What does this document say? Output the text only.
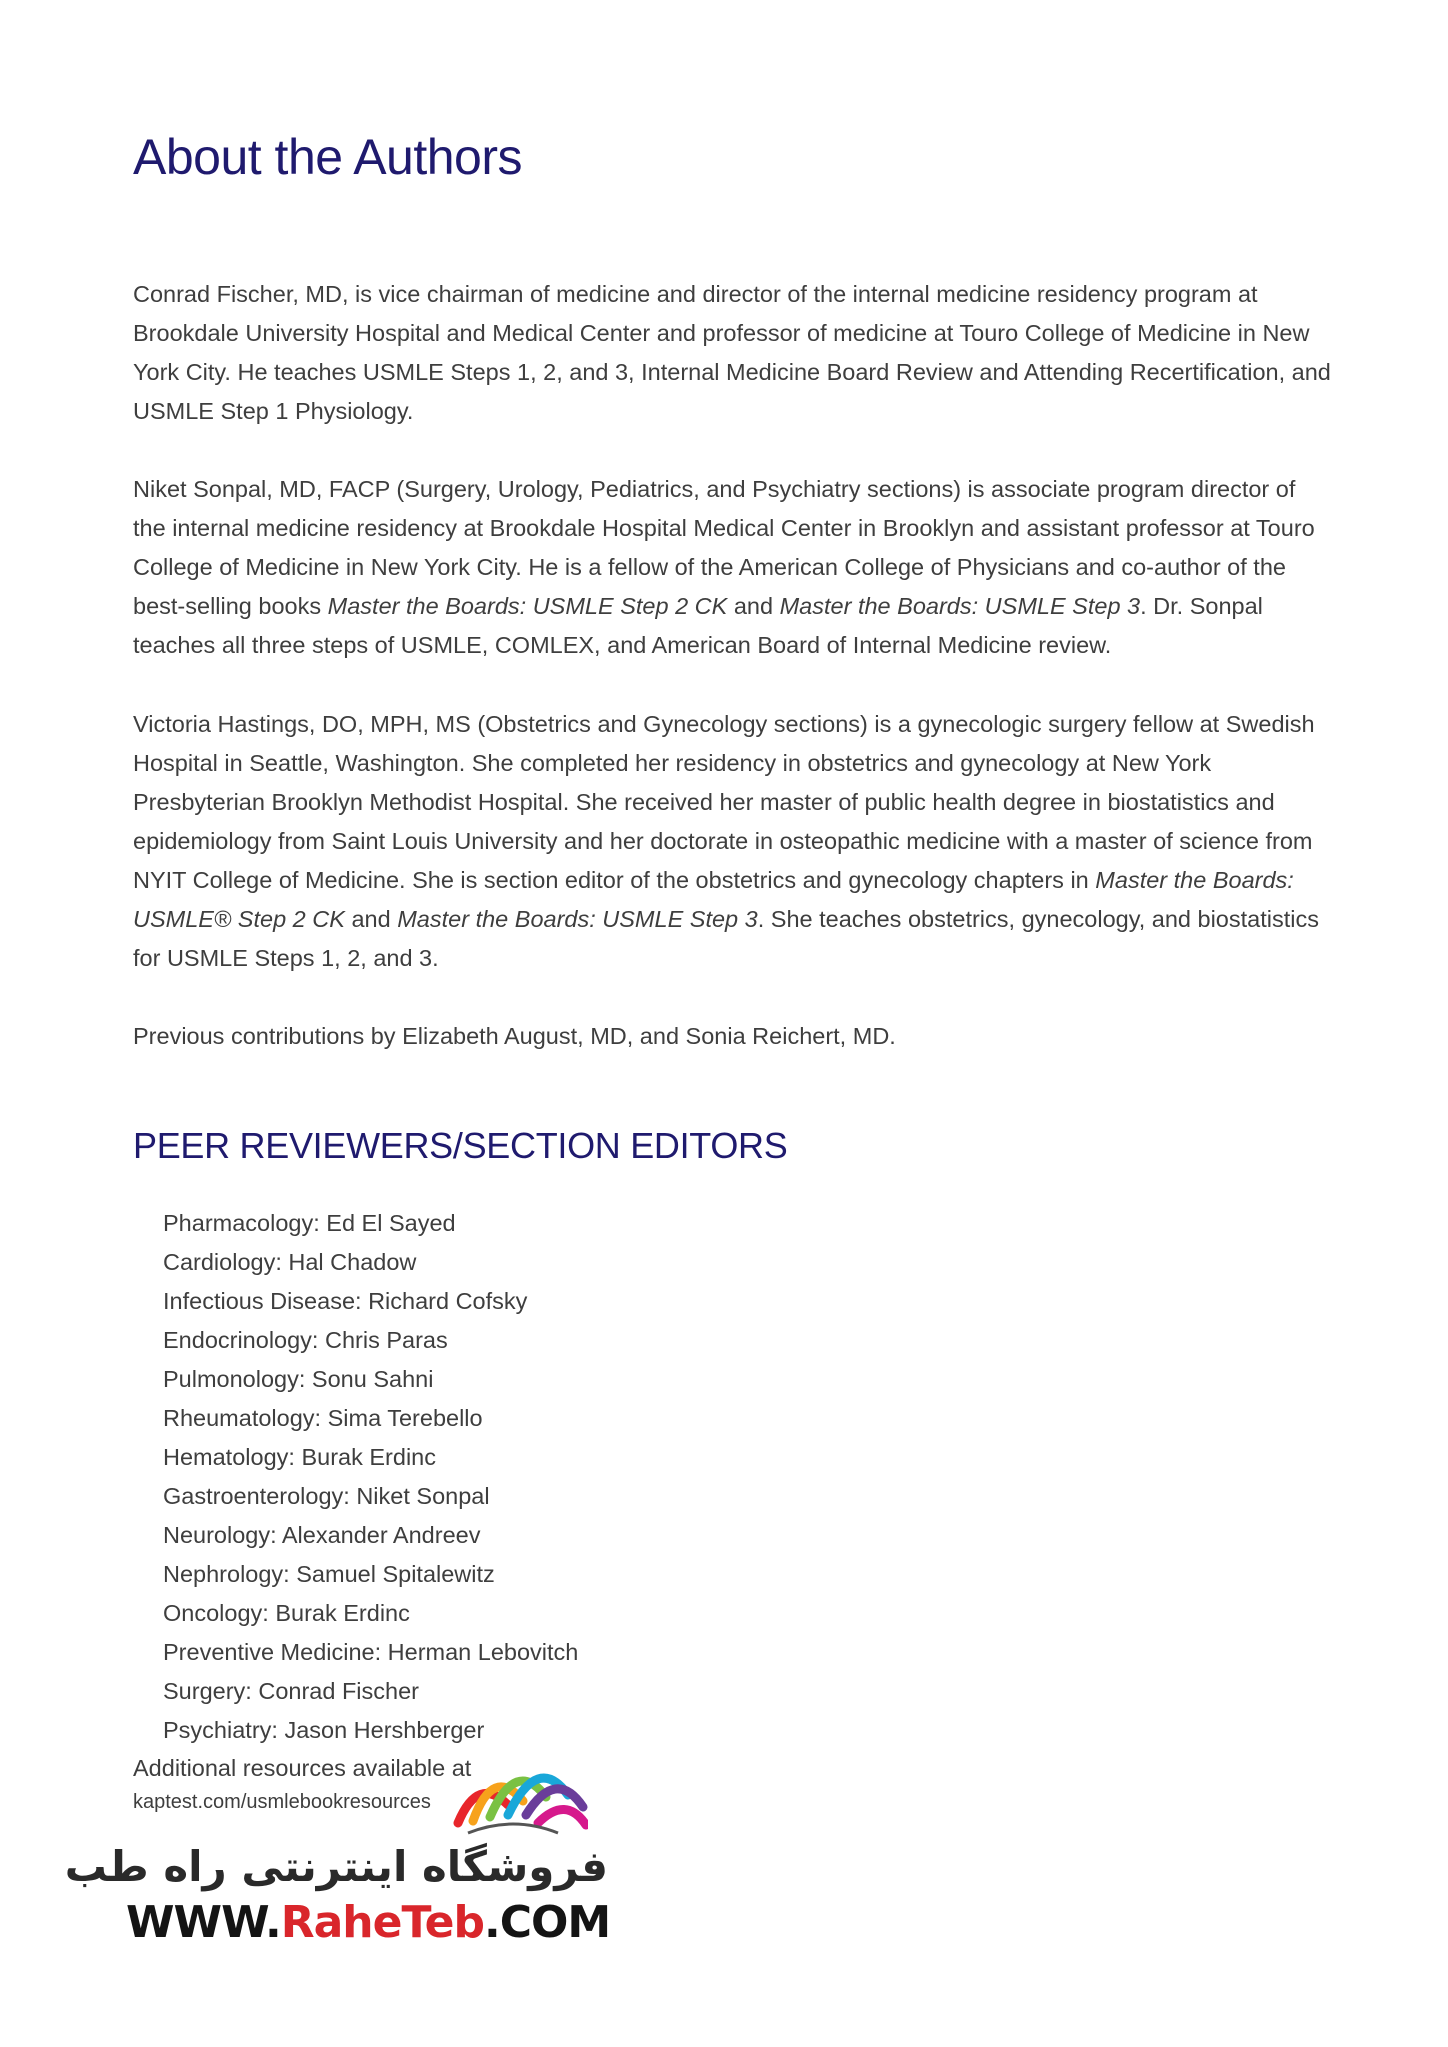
About the Authors

Conrad Fischer, MD, is vice chairman of medicine and director of the internal medicine residency program at Brookdale University Hospital and Medical Center and professor of medicine at Touro College of Medicine in New York City. He teaches USMLE Steps 1, 2, and 3, Internal Medicine Board Review and Attending Recertification, and USMLE Step 1 Physiology.

Niket Sonpal, MD, FACP (Surgery, Urology, Pediatrics, and Psychiatry sections) is associate program director of the internal medicine residency at Brookdale Hospital Medical Center in Brooklyn and assistant professor at Touro College of Medicine in New York City. He is a fellow of the American College of Physicians and co-author of the best-selling books Master the Boards: USMLE Step 2 CK and Master the Boards: USMLE Step 3. Dr. Sonpal teaches all three steps of USMLE, COMLEX, and American Board of Internal Medicine review.

Victoria Hastings, DO, MPH, MS (Obstetrics and Gynecology sections) is a gynecologic surgery fellow at Swedish Hospital in Seattle, Washington. She completed her residency in obstetrics and gynecology at New York Presbyterian Brooklyn Methodist Hospital. She received her master of public health degree in biostatistics and epidemiology from Saint Louis University and her doctorate in osteopathic medicine with a master of science from NYIT College of Medicine. She is section editor of the obstetrics and gynecology chapters in Master the Boards: USMLE® Step 2 CK and Master the Boards: USMLE Step 3. She teaches obstetrics, gynecology, and biostatistics for USMLE Steps 1, 2, and 3.

Previous contributions by Elizabeth August, MD, and Sonia Reichert, MD.

PEER REVIEWERS/SECTION EDITORS
Pharmacology: Ed El Sayed
Cardiology: Hal Chadow
Infectious Disease: Richard Cofsky
Endocrinology: Chris Paras
Pulmonology: Sonu Sahni
Rheumatology: Sima Terebello
Hematology: Burak Erdinc
Gastroenterology: Niket Sonpal
Neurology: Alexander Andreev
Nephrology: Samuel Spitalewitz
Oncology: Burak Erdinc
Preventive Medicine: Herman Lebovitch
Surgery: Conrad Fischer
Psychiatry: Jason Hershberger
Additional resources available at
kaptest.com/usmlebookresources
فروشگاه اینترنتی راه طب
WWW.RaheTeb.COM
